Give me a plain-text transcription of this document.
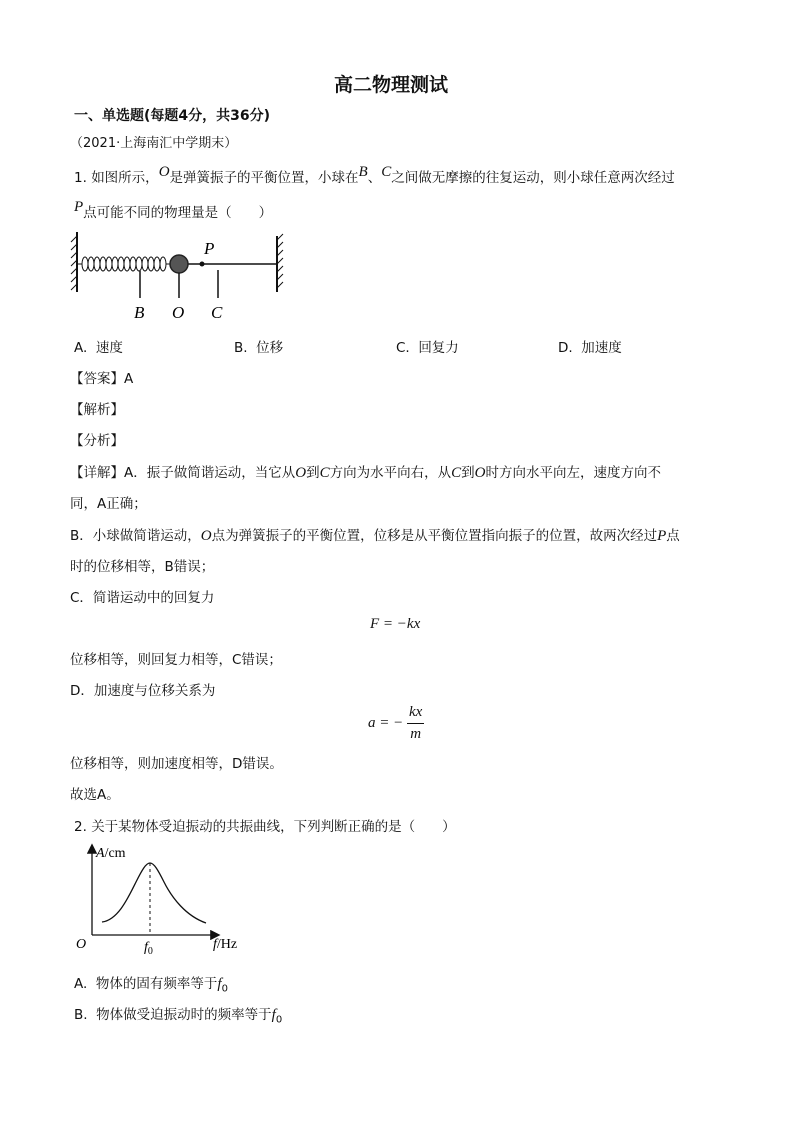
高二物理测试
一、单选题(每题4分，共36分)
（2021·上海南汇中学期末）
1. 如图所示，O是弹簧振子的平衡位置，小球在B、C之间做无摩擦的往复运动，则小球任意两次经过
P点可能不同的物理量是（　　）
P
B O C
A. 速度	B. 位移	C. 回复力	D. 加速度
【答案】A
【解析】
【分析】
【详解】A．振子做简谐运动，当它从O到C方向为水平向右，从C到O时方向水平向左，速度方向不
同，A正确；
B．小球做简谐运动，O点为弹簧振子的平衡位置，位移是从平衡位置指向振子的位置，故两次经过P点
时的位移相等，B错误；
C．简谐运动中的回复力
F = −kx
位移相等，则回复力相等，C错误；
D．加速度与位移关系为
a = − $\frac{kx}{m}$
位移相等，则加速度相等，D错误。
故选A。
2. 关于某物体受迫振动的共振曲线，下列判断正确的是（　　）
A/cm
O	$f_0$	f/Hz
A. 物体的固有频率等于$f_0$
B. 物体做受迫振动时的频率等于$f_0$
